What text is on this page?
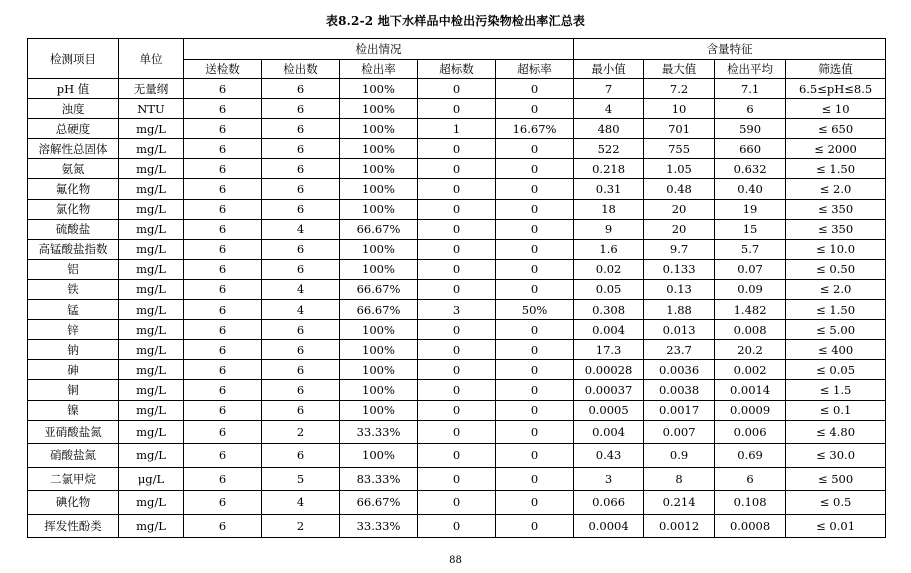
表8.2-2 地下水样品中检出污染物检出率汇总表
检测项目	单位	检出情况					含量特征			
		送检数	检出数	检出率	超标数	超标率	最小值	最大值	检出平均	筛选值
pH 值	无量纲	6	6	100%	0	0	7	7.2	7.1	6.5≤pH≤8.5
浊度	NTU	6	6	100%	0	0	4	10	6	≤ 10
总硬度	mg/L	6	6	100%	1	16.67%	480	701	590	≤ 650
溶解性总固体	mg/L	6	6	100%	0	0	522	755	660	≤ 2000
氨氮	mg/L	6	6	100%	0	0	0.218	1.05	0.632	≤ 1.50
氟化物	mg/L	6	6	100%	0	0	0.31	0.48	0.40	≤ 2.0
氯化物	mg/L	6	6	100%	0	0	18	20	19	≤ 350
硫酸盐	mg/L	6	4	66.67%	0	0	9	20	15	≤ 350
高锰酸盐指数	mg/L	6	6	100%	0	0	1.6	9.7	5.7	≤ 10.0
铝	mg/L	6	6	100%	0	0	0.02	0.133	0.07	≤ 0.50
铁	mg/L	6	4	66.67%	0	0	0.05	0.13	0.09	≤ 2.0
锰	mg/L	6	4	66.67%	3	50%	0.308	1.88	1.482	≤ 1.50
锌	mg/L	6	6	100%	0	0	0.004	0.013	0.008	≤ 5.00
钠	mg/L	6	6	100%	0	0	17.3	23.7	20.2	≤ 400
砷	mg/L	6	6	100%	0	0	0.00028	0.0036	0.002	≤ 0.05
铜	mg/L	6	6	100%	0	0	0.00037	0.0038	0.0014	≤ 1.5
镍	mg/L	6	6	100%	0	0	0.0005	0.0017	0.0009	≤ 0.1
亚硝酸盐氮	mg/L	6	2	33.33%	0	0	0.004	0.007	0.006	≤ 4.80
硝酸盐氮	mg/L	6	6	100%	0	0	0.43	0.9	0.69	≤ 30.0
二氯甲烷	μg/L	6	5	83.33%	0	0	3	8	6	≤ 500
碘化物	mg/L	6	4	66.67%	0	0	0.066	0.214	0.108	≤ 0.5
挥发性酚类	mg/L	6	2	33.33%	0	0	0.0004	0.0012	0.0008	≤ 0.01
88
